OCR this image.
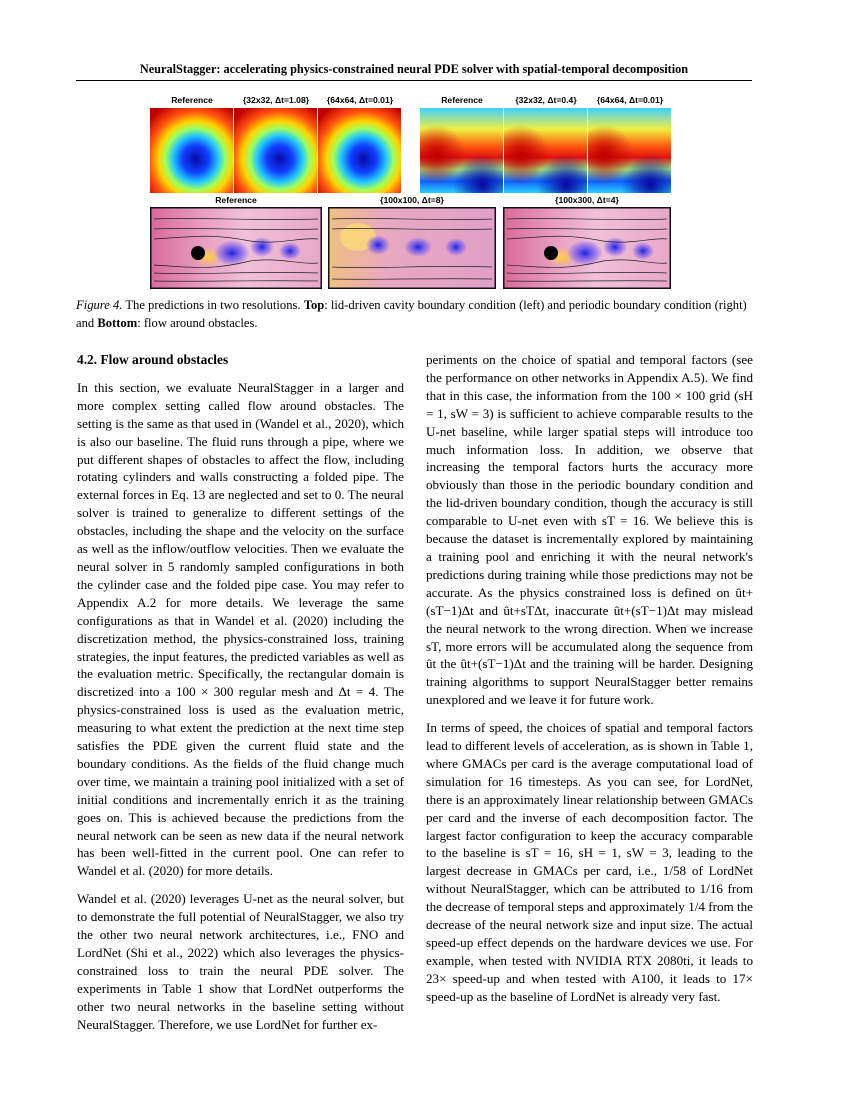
NeuralStagger: accelerating physics-constrained neural PDE solver with spatial-temporal decomposition
Reference	{32x32, Δt=1.08}	{64x64, Δt=0.01}	Reference	{32x32, Δt=0.4}	{64x64, Δt=0.01}
Reference	{100x100, Δt=8}	{100x300, Δt=4}
Figure 4. The predictions in two resolutions. Top: lid-driven cavity boundary condition (left) and periodic boundary condition (right) and Bottom: flow around obstacles.
4.2. Flow around obstacles

In this section, we evaluate NeuralStagger in a larger and more complex setting called flow around obstacles. The setting is the same as that used in (Wandel et al., 2020), which is also our baseline. The fluid runs through a pipe, where we put different shapes of obstacles to affect the flow, including rotating cylinders and walls constructing a folded pipe. The external forces in Eq. 13 are neglected and set to 0. The neural solver is trained to generalize to different settings of the obstacles, including the shape and the velocity on the surface as well as the inflow/outflow velocities. Then we evaluate the neural solver in 5 randomly sampled configurations in both the cylinder case and the folded pipe case. You may refer to Appendix A.2 for more details. We leverage the same configurations as that in Wandel et al. (2020) including the discretization method, the physics-constrained loss, training strategies, the input features, the predicted variables as well as the evaluation metric. Specifically, the rectangular domain is discretized into a 100 × 300 regular mesh and Δt = 4. The physics-constrained loss is used as the evaluation metric, measuring to what extent the prediction at the next time step satisfies the PDE given the current fluid state and the boundary conditions. As the fields of the fluid change much over time, we maintain a training pool initialized with a set of initial conditions and incrementally enrich it as the training goes on. This is achieved because the predictions from the neural network can be seen as new data if the neural network has been well-fitted in the current pool. One can refer to Wandel et al. (2020) for more details.

Wandel et al. (2020) leverages U-net as the neural solver, but to demonstrate the full potential of NeuralStagger, we also try the other two neural network architectures, i.e., FNO and LordNet (Shi et al., 2022) which also leverages the physics-constrained loss to train the neural PDE solver. The experiments in Table 1 show that LordNet outperforms the other two neural networks in the baseline setting without NeuralStagger. Therefore, we use LordNet for further ex-

periments on the choice of spatial and temporal factors (see the performance on other networks in Appendix A.5). We find that in this case, the information from the 100 × 100 grid (sH = 1, sW = 3) is sufficient to achieve comparable results to the U-net baseline, while larger spatial steps will introduce too much information loss. In addition, we observe that increasing the temporal factors hurts the accuracy more obviously than those in the periodic boundary condition and the lid-driven boundary condition, though the accuracy is still comparable to U-net even with sT = 16. We believe this is because the dataset is incrementally explored by maintaining a training pool and enriching it with the neural network's predictions during training while those predictions may not be accurate. As the physics constrained loss is defined on ût+(sT−1)Δt and ût+sTΔt, inaccurate ût+(sT−1)Δt may mislead the neural network to the wrong direction. When we increase sT, more errors will be accumulated along the sequence from ût the ût+(sT−1)Δt and the training will be harder. Designing training algorithms to support NeuralStagger better remains unexplored and we leave it for future work.

In terms of speed, the choices of spatial and temporal factors lead to different levels of acceleration, as is shown in Table 1, where GMACs per card is the average computational load of simulation for 16 timesteps. As you can see, for LordNet, there is an approximately linear relationship between GMACs per card and the inverse of each decomposition factor. The largest factor configuration to keep the accuracy comparable to the baseline is sT = 16, sH = 1, sW = 3, leading to the largest decrease in GMACs per card, i.e., 1/58 of LordNet without NeuralStagger, which can be attributed to 1/16 from the decrease of temporal steps and approximately 1/4 from the decrease of the neural network size and input size. The actual speed-up effect depends on the hardware devices we use. For example, when tested with NVIDIA RTX 2080ti, it leads to 23× speed-up and when tested with A100, it leads to 17× speed-up as the baseline of LordNet is already very fast.
